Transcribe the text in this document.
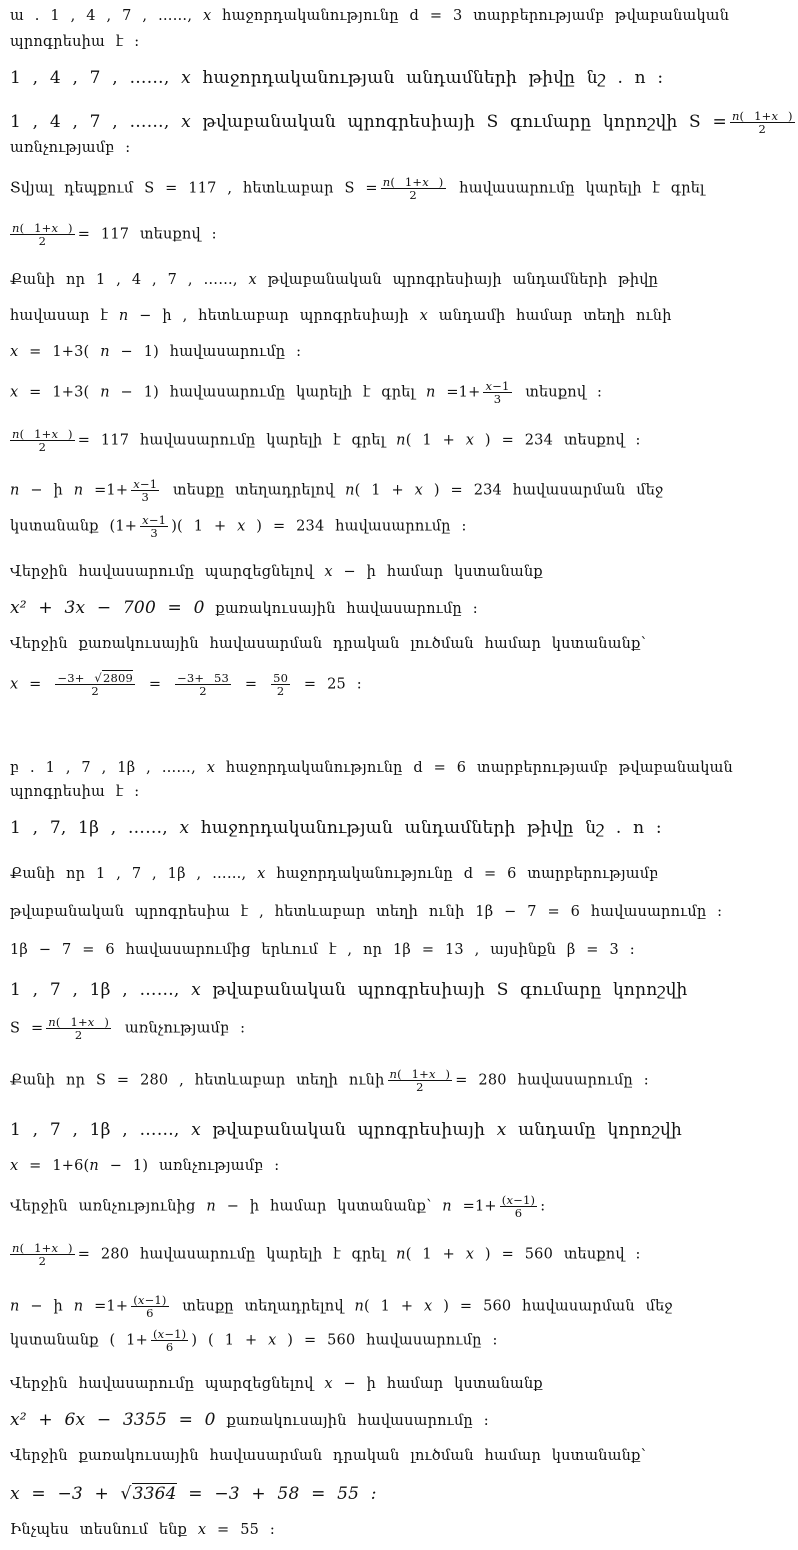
ա . 1 , 4 , 7 , ……, 𝑥 հաջորդականությունը d = 3 տարբերությամբ թվաբանական
պրոգրեսիա է :
1 , 4 , 7 , ……, 𝑥 հաջորդականության անդամների թիվը նշ . n :
1 , 4 , 7 , ……, 𝑥 թվաբանական պրոգրեսիայի S գումարը կորոշվի $S = \frac{\text{𝑛( 1+𝑥 )}}{2}$
առնչությամբ :
Տվյալ դեպքում S = 117 , հետևաբար $S = \frac{\text{𝑛( 1+𝑥 )}}{2}$ հավասարումը կարելի է գրել
$\frac{\text{𝑛( 1+𝑥 )}}{2} = 117$ տեսքով :
Քանի որ 1 , 4 , 7 , ……, 𝑥 թվաբանական պրոգրեսիայի անդամների թիվը
հավասար է 𝑛 − ի , հետևաբար պրոգրեսիայի 𝑥 անդամի համար տեղի ունի
𝑥 = 1+3( 𝑛 − 1) հավասարումը :
𝑥 = 1+3( 𝑛 − 1) հավասարումը կարելի է գրել 𝑛 $=1+ \frac{\text{𝑥−1}}{3}$ տեսքով :
$\frac{\text{𝑛( 1+𝑥 )}}{2} = 117$ հավասարումը կարելի է գրել 𝑛( 1 + 𝑥 ) = 234 տեսքով :
𝑛 − ի 𝑛 $=1+ \frac{\text{𝑥−1}}{3}$ տեսքը տեղադրելով 𝑛( 1 + 𝑥 ) = 234 հավասարման մեջ
կստանանք ($1+ \frac{\text{𝑥−1}}{3}$ )( 1 + 𝑥 ) = 234 հավասարումը :
Վերջին հավասարումը պարզեցնելով 𝑥 − ի համար կստանանք
𝑥² + 3𝑥 − 700 = 0 քառակուսային հավասարումը :
Վերջին քառակուսային հավասարման դրական լուծման համար կստանանք՝
𝑥 = $\frac{-3+ √2809}{2} = \frac{-3+ 53}{2} = \frac{50}{2} = 25$ :
բ . 1 , 7 , 1β , ……, 𝑥 հաջորդականությունը d = 6 տարբերությամբ թվաբանական
պրոգրեսիա է :
1 , 7, 1β , ……, 𝑥 հաջորդականության անդամների թիվը նշ . n :
Քանի որ 1 , 7 , 1β , ……, 𝑥 հաջորդականությունը d = 6 տարբերությամբ
թվաբանական պրոգրեսիա է , հետևաբար տեղի ունի 1β − 7 = 6 հավասարումը :
1β − 7 = 6 հավասարումից երևում է , որ 1β = 13 , այսինքն β = 3 :
1 , 7 , 1β , ……, 𝑥 թվաբանական պրոգրեսիայի S գումարը կորոշվի
$S = \frac{\text{𝑛( 1+𝑥 )}}{2}$ առնչությամբ :
Քանի որ S = 280 , հետևաբար տեղի ունի $\frac{\text{𝑛( 1+𝑥 )}}{2} = 280$ հավասարումը :
1 , 7 , 1β , ……, 𝑥 թվաբանական պրոգրեսիայի 𝑥 անդամը կորոշվի
𝑥 = 1+6(𝑛 − 1) առնչությամբ :
Վերջին առնչությունից 𝑛 − ի համար կստանանք՝ 𝑛 $=1+ \frac{\text{(𝑥−1)}}{6}$ :
$\frac{\text{𝑛( 1+𝑥 )}}{2} = 280$ հավասարումը կարելի է գրել 𝑛( 1 + 𝑥 ) = 560 տեսքով :
𝑛 − ի 𝑛 $=1+ \frac{\text{(𝑥−1)}}{6}$ տեսքը տեղադրելով 𝑛( 1 + 𝑥 ) = 560 հավասարման մեջ
կստանանք ( $1+ \frac{\text{(𝑥−1)}}{6}$ ) ( 1 + 𝑥 ) = 560 հավասարումը :
Վերջին հավասարումը պարզեցնելով 𝑥 − ի համար կստանանք
𝑥² + 6𝑥 − 3355 = 0 քառակուսային հավասարումը :
Վերջին քառակուսային հավասարման դրական լուծման համար կստանանք՝
𝑥 = −3 + √3364 = −3 + 58 = 55 :
Ինչպես տեսնում ենք 𝑥 = 55 :
